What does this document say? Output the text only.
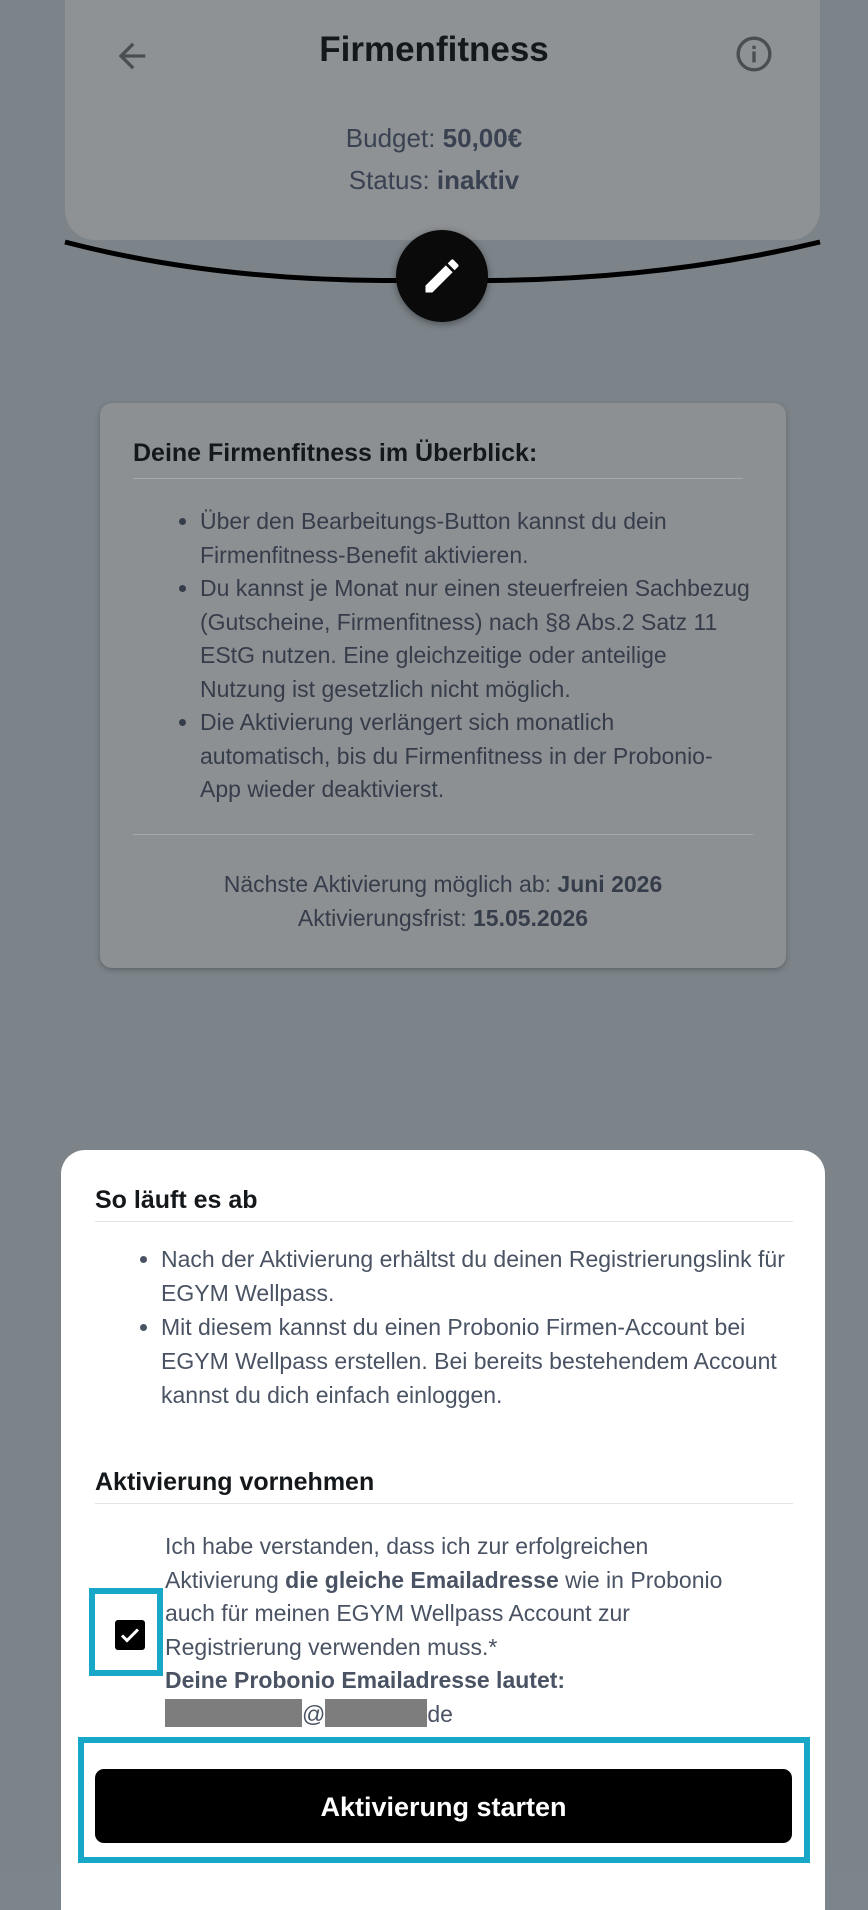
Firmenfitness
Budget: 50,00€
Status: inaktiv
Deine Firmenfitness im Überblick:
• Über den Bearbeitungs-Button kannst du dein Firmenfitness-Benefit aktivieren.
• Du kannst je Monat nur einen steuerfreien Sachbezug (Gutscheine, Firmenfitness) nach §8 Abs.2 Satz 11 EStG nutzen. Eine gleichzeitige oder anteilige Nutzung ist gesetzlich nicht möglich.
• Die Aktivierung verlängert sich monatlich automatisch, bis du Firmenfitness in der Probonio-App wieder deaktivierst.
Nächste Aktivierung möglich ab: Juni 2026
Aktivierungsfrist: 15.05.2026
So läuft es ab
• Nach der Aktivierung erhältst du deinen Registrierungslink für EGYM Wellpass.
• Mit diesem kannst du einen Probonio Firmen-Account bei EGYM Wellpass erstellen. Bei bereits bestehendem Account kannst du dich einfach einloggen.
Aktivierung vornehmen
Ich habe verstanden, dass ich zur erfolgreichen Aktivierung die gleiche Emailadresse wie in Probonio auch für meinen EGYM Wellpass Account zur Registrierung verwenden muss.*
Deine Probonio Emailadresse lautet:
@	de
Aktivierung starten
